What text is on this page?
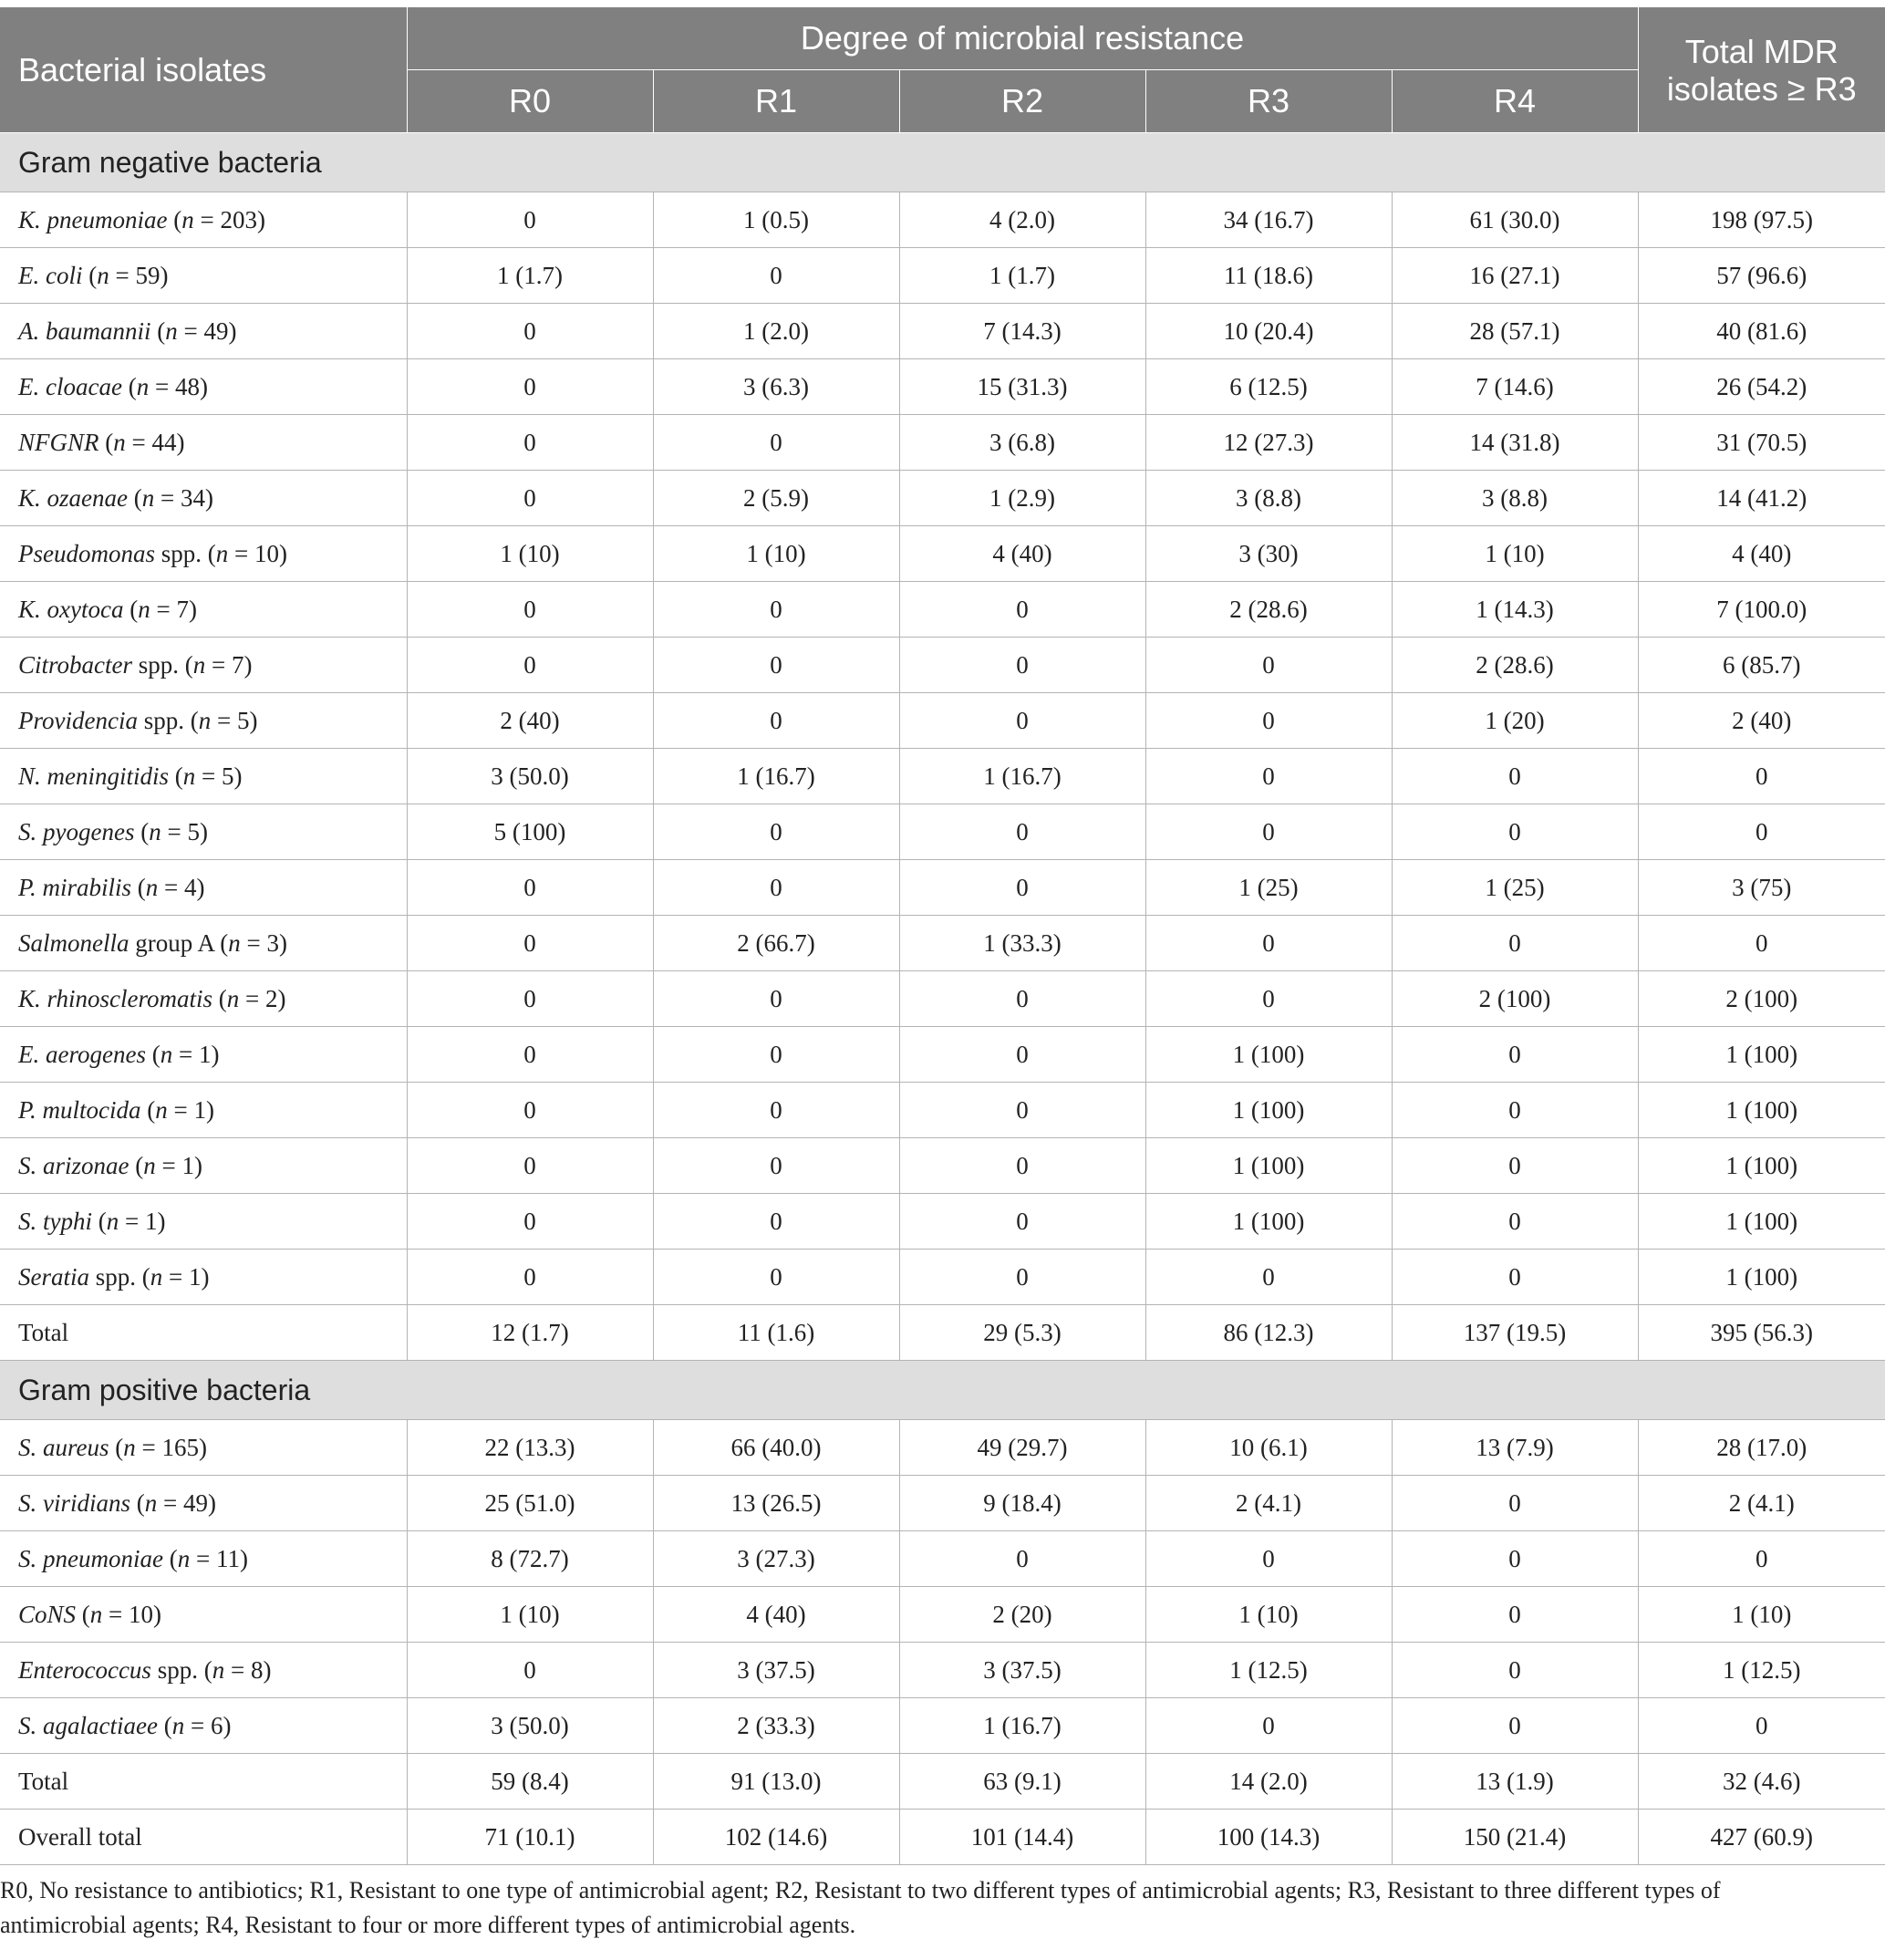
Bacterial isolates	Degree of microbial resistance					Total MDR
isolates ≥ R3
	R0	R1	R2	R3	R4	
Gram negative bacteria						
K. pneumoniae (n = 203)	0	1 (0.5)	4 (2.0)	34 (16.7)	61 (30.0)	198 (97.5)
E. coli (n = 59)	1 (1.7)	0	1 (1.7)	11 (18.6)	16 (27.1)	57 (96.6)
A. baumannii (n = 49)	0	1 (2.0)	7 (14.3)	10 (20.4)	28 (57.1)	40 (81.6)
E. cloacae (n = 48)	0	3 (6.3)	15 (31.3)	6 (12.5)	7 (14.6)	26 (54.2)
NFGNR (n = 44)	0	0	3 (6.8)	12 (27.3)	14 (31.8)	31 (70.5)
K. ozaenae (n = 34)	0	2 (5.9)	1 (2.9)	3 (8.8)	3 (8.8)	14 (41.2)
Pseudomonas spp. (n = 10)	1 (10)	1 (10)	4 (40)	3 (30)	1 (10)	4 (40)
K. oxytoca (n = 7)	0	0	0	2 (28.6)	1 (14.3)	7 (100.0)
Citrobacter spp. (n = 7)	0	0	0	0	2 (28.6)	6 (85.7)
Providencia spp. (n = 5)	2 (40)	0	0	0	1 (20)	2 (40)
N. meningitidis (n = 5)	3 (50.0)	1 (16.7)	1 (16.7)	0	0	0
S. pyogenes (n = 5)	5 (100)	0	0	0	0	0
P. mirabilis (n = 4)	0	0	0	1 (25)	1 (25)	3 (75)
Salmonella group A (n = 3)	0	2 (66.7)	1 (33.3)	0	0	0
K. rhinoscleromatis (n = 2)	0	0	0	0	2 (100)	2 (100)
E. aerogenes (n = 1)	0	0	0	1 (100)	0	1 (100)
P. multocida (n = 1)	0	0	0	1 (100)	0	1 (100)
S. arizonae (n = 1)	0	0	0	1 (100)	0	1 (100)
S. typhi (n = 1)	0	0	0	1 (100)	0	1 (100)
Seratia spp. (n = 1)	0	0	0	0	0	1 (100)
Total	12 (1.7)	11 (1.6)	29 (5.3)	86 (12.3)	137 (19.5)	395 (56.3)
Gram positive bacteria						
S. aureus (n = 165)	22 (13.3)	66 (40.0)	49 (29.7)	10 (6.1)	13 (7.9)	28 (17.0)
S. viridians (n = 49)	25 (51.0)	13 (26.5)	9 (18.4)	2 (4.1)	0	2 (4.1)
S. pneumoniae (n = 11)	8 (72.7)	3 (27.3)	0	0	0	0
CoNS (n = 10)	1 (10)	4 (40)	2 (20)	1 (10)	0	1 (10)
Enterococcus spp. (n = 8)	0	3 (37.5)	3 (37.5)	1 (12.5)	0	1 (12.5)
S. agalactiaee (n = 6)	3 (50.0)	2 (33.3)	1 (16.7)	0	0	0
Total	59 (8.4)	91 (13.0)	63 (9.1)	14 (2.0)	13 (1.9)	32 (4.6)
Overall total	71 (10.1)	102 (14.6)	101 (14.4)	100 (14.3)	150 (21.4)	427 (60.9)
R0, No resistance to antibiotics; R1, Resistant to one type of antimicrobial agent; R2, Resistant to two different types of antimicrobial agents; R3, Resistant to three different types of antimicrobial agents; R4, Resistant to four or more different types of antimicrobial agents.
